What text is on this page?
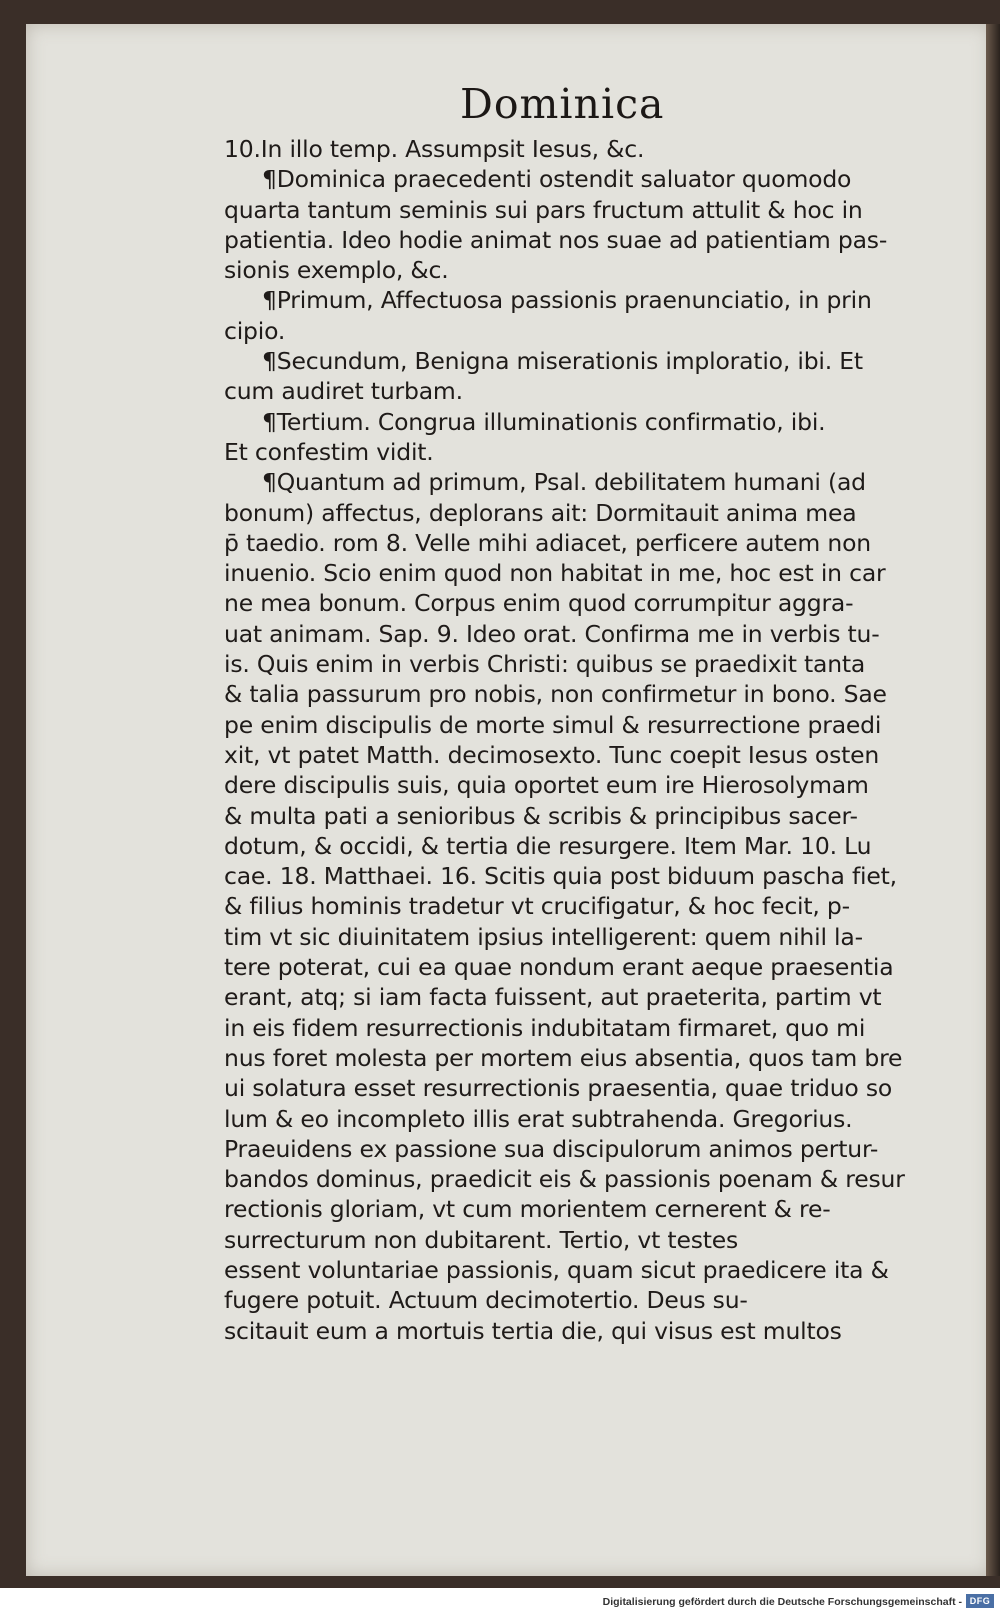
Dominica
10.In illo temp. Assumpsit Iesus, &c.
¶Dominica praecedenti ostendit saluator quomodo
quarta tantum seminis sui pars fructum attulit & hoc in
patientia. Ideo hodie animat nos suae ad patientiam pas-
sionis exemplo, &c.
¶Primum, Affectuosa passionis praenunciatio, in prin
cipio.
¶Secundum, Benigna miserationis imploratio, ibi. Et
cum audiret turbam.
¶Tertium. Congrua illuminationis confirmatio, ibi.
Et confestim vidit.
¶Quantum ad primum, Psal. debilitatem humani (ad
bonum) affectus, deplorans ait: Dormitauit anima mea
p̄ taedio. rom 8. Velle mihi adiacet, perficere autem non
inuenio. Scio enim quod non habitat in me, hoc est in car
ne mea bonum. Corpus enim quod corrumpitur aggra-
uat animam. Sap. 9. Ideo orat. Confirma me in verbis tu-
is. Quis enim in verbis Christi: quibus se praedixit tanta
& talia passurum pro nobis, non confirmetur in bono. Sae
pe enim discipulis de morte simul & resurrectione praedi
xit, vt patet Matth. decimosexto. Tunc coepit Iesus osten
dere discipulis suis, quia oportet eum ire Hierosolymam
& multa pati a senioribus & scribis & principibus sacer-
dotum, & occidi, & tertia die resurgere. Item Mar. 10. Lu
cae. 18. Matthaei. 16. Scitis quia post biduum pascha fiet,
& filius hominis tradetur vt crucifigatur, & hoc fecit, p-
tim vt sic diuinitatem ipsius intelligerent: quem nihil la-
tere poterat, cui ea quae nondum erant aeque praesentia
erant, atq; si iam facta fuissent, aut praeterita, partim vt
in eis fidem resurrectionis indubitatam firmaret, quo mi
nus foret molesta per mortem eius absentia, quos tam bre
ui solatura esset resurrectionis praesentia, quae triduo so
lum & eo incompleto illis erat subtrahenda. Gregorius.
Praeuidens ex passione sua discipulorum animos pertur-
bandos dominus, praedicit eis & passionis poenam & resur
rectionis gloriam, vt cum morientem cernerent & re-
surrecturum non dubitarent. Tertio, vt testes
essent voluntariae passionis, quam sicut praedicere ita &
fugere potuit. Actuum decimotertio. Deus su-
scitauit eum a mortuis tertia die, qui visus est multos
Digitalisierung gefördert durch die Deutsche Forschungsgemeinschaft - DFG
